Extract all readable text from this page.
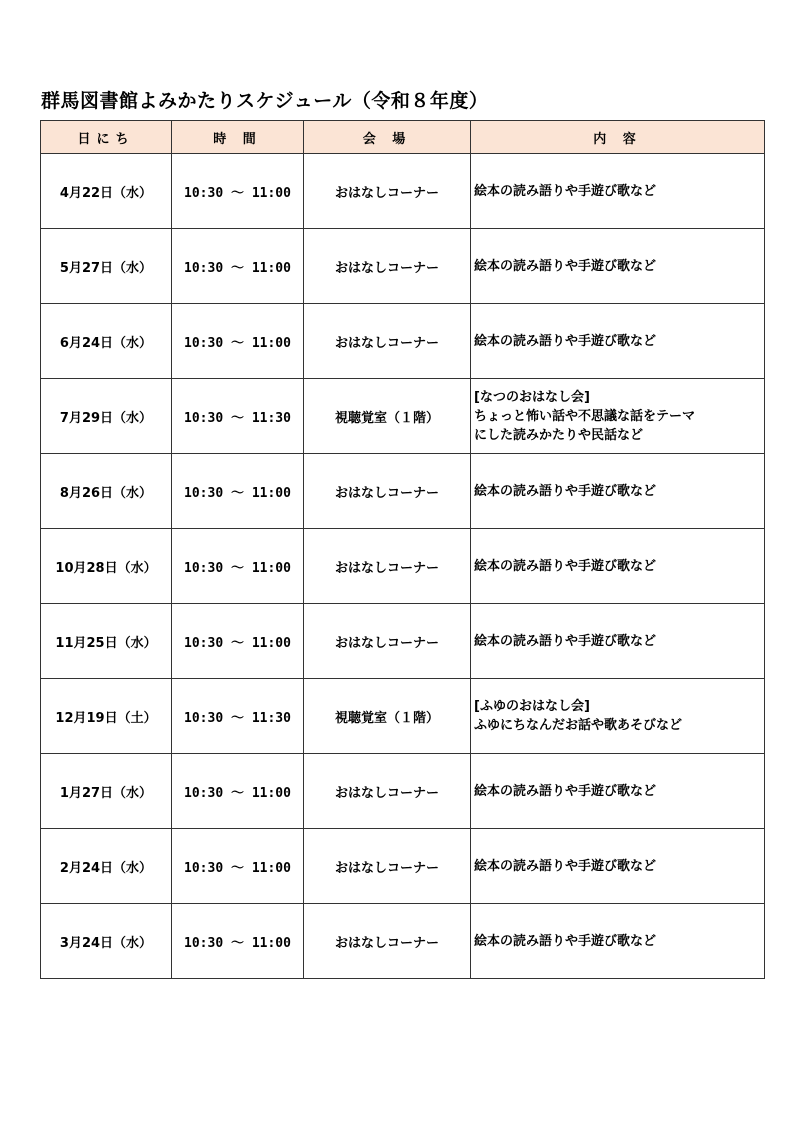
群馬図書館よみかたりスケジュール（令和８年度）
日にち	時 間	会 場	内 容
4月22日（水）	10:30 ～ 11:00	おはなしコーナー	絵本の読み語りや手遊び歌など

5月27日（水）	10:30 ～ 11:00	おはなしコーナー	絵本の読み語りや手遊び歌など

6月24日（水）	10:30 ～ 11:00	おはなしコーナー	絵本の読み語りや手遊び歌など

7月29日（水）	10:30 ～ 11:30	視聴覚室（１階）	[なつのおはなし会]
ちょっと怖い話や不思議な話をテーマ
にした読みかたりや民話など

8月26日（水）	10:30 ～ 11:00	おはなしコーナー	絵本の読み語りや手遊び歌など

10月28日（水）	10:30 ～ 11:00	おはなしコーナー	絵本の読み語りや手遊び歌など

11月25日（水）	10:30 ～ 11:00	おはなしコーナー	絵本の読み語りや手遊び歌など

12月19日（土）	10:30 ～ 11:30	視聴覚室（１階）	[ふゆのおはなし会]
ふゆにちなんだお話や歌あそびなど

1月27日（水）	10:30 ～ 11:00	おはなしコーナー	絵本の読み語りや手遊び歌など

2月24日（水）	10:30 ～ 11:00	おはなしコーナー	絵本の読み語りや手遊び歌など

3月24日（水）	10:30 ～ 11:00	おはなしコーナー	絵本の読み語りや手遊び歌など
